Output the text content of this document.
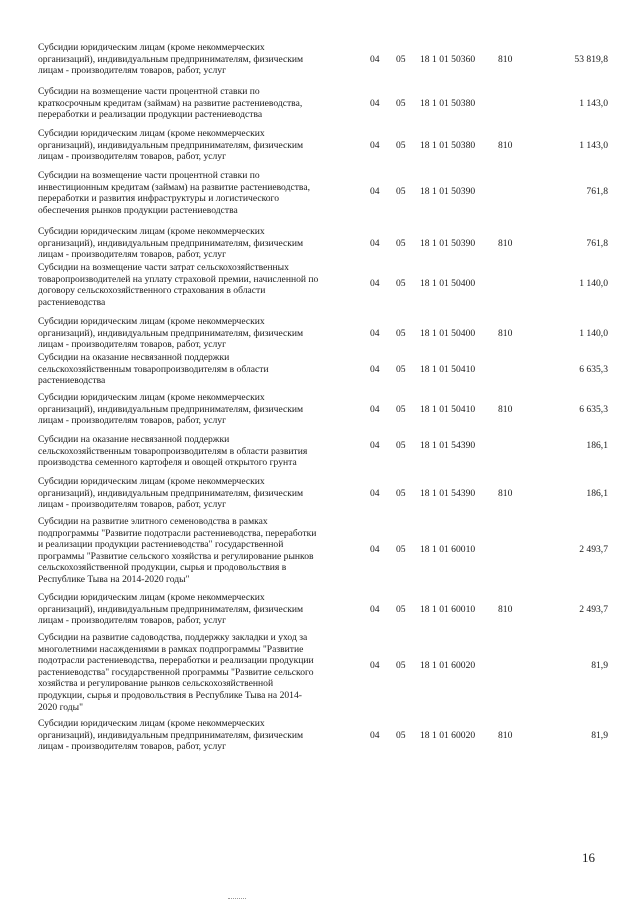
Субсидии юридическим лицам (кроме некоммерческих
организаций), индивидуальным предпринимателям, физическим
лицам - производителям товаров, работ, услуг
04 05 18 1 01 50360 810	53 819,8
Субсидии на возмещение части процентной ставки по
краткосрочным кредитам (займам) на развитие растениеводства,
переработки и реализации продукции растениеводства
04 05 18 1 01 50380	1 143,0
Субсидии юридическим лицам (кроме некоммерческих
организаций), индивидуальным предпринимателям, физическим
лицам - производителям товаров, работ, услуг
04 05 18 1 01 50380 810	1 143,0
Субсидии на возмещение части процентной ставки по
инвестиционным кредитам (займам) на развитие растениеводства,
переработки и развития инфраструктуры и логистического
обеспечения рынков продукции растениеводства
04 05 18 1 01 50390	761,8
Субсидии юридическим лицам (кроме некоммерческих
организаций), индивидуальным предпринимателям, физическим
лицам - производителям товаров, работ, услуг
04 05 18 1 01 50390 810	761,8
Субсидии на возмещение части затрат сельскохозяйственных
товаропроизводителей на уплату страховой премии, начисленной по
договору сельскохозяйственного страхования в области
растениеводства
04 05 18 1 01 50400	1 140,0
Субсидии юридическим лицам (кроме некоммерческих
организаций), индивидуальным предпринимателям, физическим
лицам - производителям товаров, работ, услуг
04 05 18 1 01 50400 810	1 140,0
Субсидии на оказание несвязанной поддержки
сельскохозяйственным товаропроизводителям в области
растениеводства
04 05 18 1 01 50410	6 635,3
Субсидии юридическим лицам (кроме некоммерческих
организаций), индивидуальным предпринимателям, физическим
лицам - производителям товаров, работ, услуг
04 05 18 1 01 50410 810	6 635,3
Субсидии на оказание несвязанной поддержки
сельскохозяйственным товаропроизводителям в области развития
производства семенного картофеля и овощей открытого грунта
04 05 18 1 01 54390	186,1
Субсидии юридическим лицам (кроме некоммерческих
организаций), индивидуальным предпринимателям, физическим
лицам - производителям товаров, работ, услуг
04 05 18 1 01 54390 810	186,1
Субсидии на развитие элитного семеноводства в рамках
подпрограммы "Развитие подотрасли растениеводства, переработки
и реализации продукции растениеводства" государственной
программы "Развитие сельского хозяйства и регулирование рынков
сельскохозяйственной продукции, сырья и продовольствия в
Республике Тыва на 2014-2020 годы"
04 05 18 1 01 60010	2 493,7
Субсидии юридическим лицам (кроме некоммерческих
организаций), индивидуальным предпринимателям, физическим
лицам - производителям товаров, работ, услуг
04 05 18 1 01 60010 810	2 493,7
Субсидии на развитие садоводства, поддержку закладки и уход за
многолетними насаждениями в рамках подпрограммы "Развитие
подотрасли растениеводства, переработки и реализации продукции
растениеводства" государственной программы "Развитие сельского
хозяйства и регулирование рынков сельскохозяйственной
продукции, сырья и продовольствия в Республике Тыва на 2014-
2020 годы"
04 05 18 1 01 60020	81,9
Субсидии юридическим лицам (кроме некоммерческих
организаций), индивидуальным предпринимателям, физическим
лицам - производителям товаров, работ, услуг
04 05 18 1 01 60020 810	81,9
16
